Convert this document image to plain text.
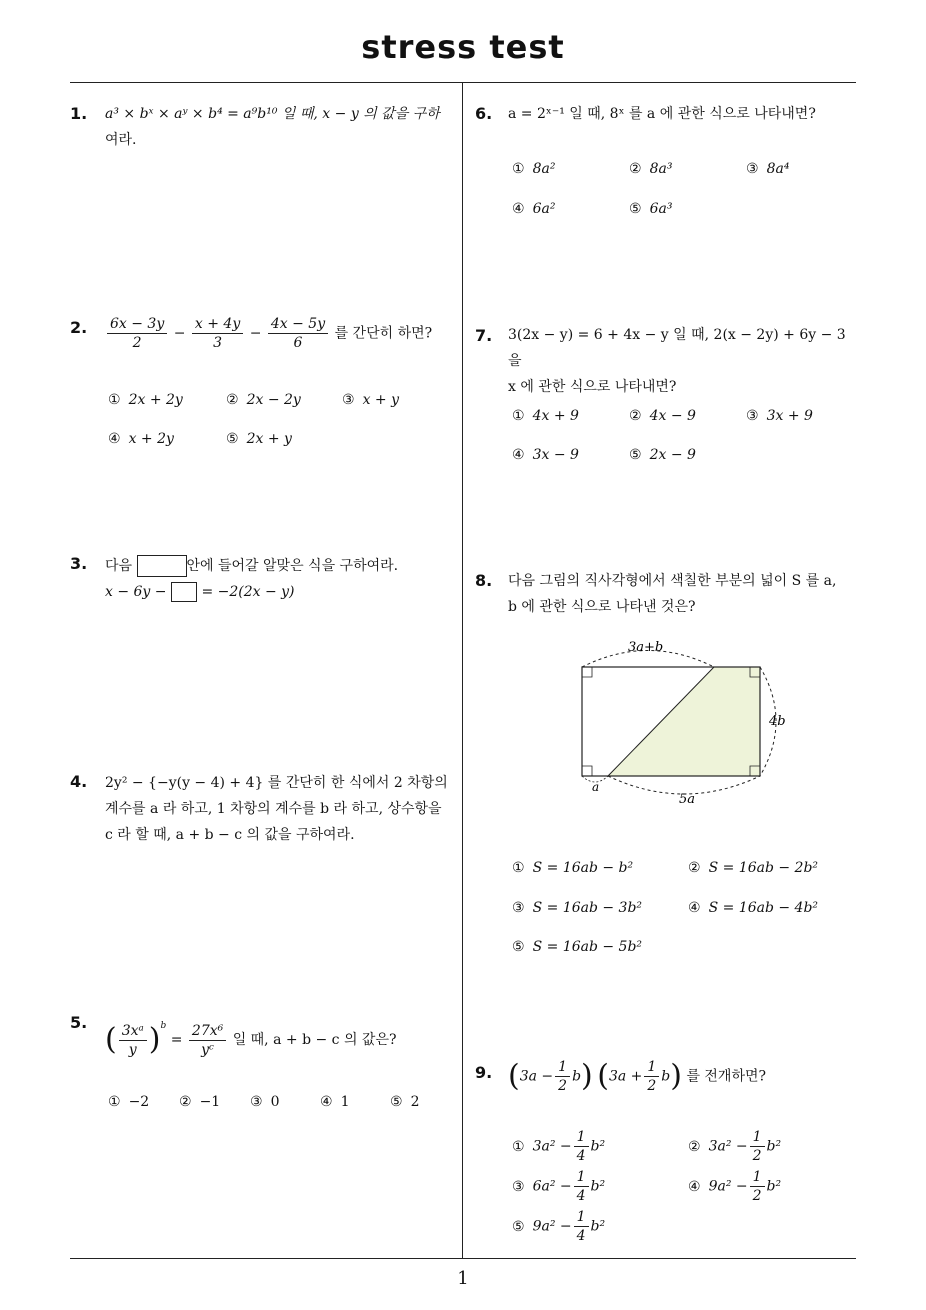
stress test
1
1. a³ × bˣ × aʸ × b⁴ = a⁹b¹⁰ 일 때, x − y 의 값을 구하
여라.
2. $\frac{6x - 3y}{2} - \frac{x + 4y}{3} - \frac{4x - 5y}{6}$ 를 간단히 하면?
① 2x + 2y	② 2x − 2y	③ x + y
④ x + 2y	⑤ 2x + y
3. 다음	안에 들어갈 알맞은 식을 구하여라.
x − 6y − = −2(2x − y)
4. 2y² − {−y(y − 4) + 4} 를 간단히 한 식에서 2 차항의
계수를 a 라 하고, 1 차항의 계수를 b 라 하고, 상수항을
c 라 할 때, a + b − c 의 값을 구하여라.
5. ( $\frac{\text{3xᵃ}}{y} )^b = \frac{\text{27x⁶}}{\text{yᶜ}}$ 일 때, a + b − c 의 값은?
① −2 ② −1 ③ 0	④ 1	⑤ 2
6. a = 2ˣ⁻¹ 일 때, 8ˣ 를 a 에 관한 식으로 나타내면?
① 8a²	② 8a³	③ 8a⁴
④ 6a²	⑤ 6a³
7. 3(2x − y) = 6 + 4x − y 일 때, 2(x − 2y) + 6y − 3 을
x 에 관한 식으로 나타내면?
① 4x + 9	② 4x − 9	③ 3x + 9
④ 3x − 9	⑤ 2x − 9
8. 다음 그림의 직사각형에서 색칠한 부분의 넓이 S 를 a,
b 에 관한 식으로 나타낸 것은?
3a+b
4b
5a
a
① S = 16ab − b²	② S = 16ab − 2b²
③ S = 16ab − 3b²	④ S = 16ab − 4b²
⑤ S = 16ab − 5b²
9. $(3a - \frac{1}{2} b)$ $(3a + \frac{1}{2} b)$ 를 전개하면?
① $3a^2 - \frac{1}{4} b^2$	② $3a^2 - \frac{1}{2} b^2$
③ $6a^2 - \frac{1}{4} b^2$	④ $9a^2 - \frac{1}{2} b^2$
⑤ $9a^2 - \frac{1}{4} b^2$
